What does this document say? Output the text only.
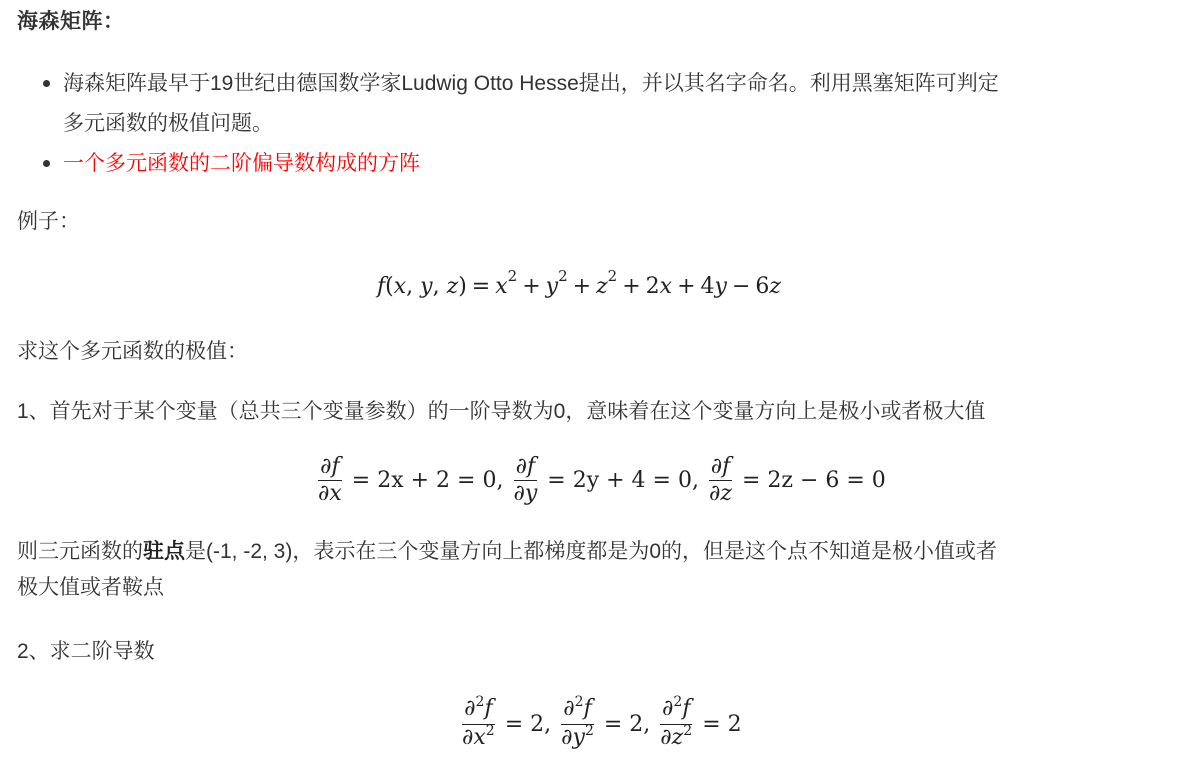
海森矩阵：
海森矩阵最早于19世纪由德国数学家Ludwig Otto Hesse提出，并以其名字命名。利用黑塞矩阵可判定
多元函数的极值问题。
一个多元函数的二阶偏导数构成的方阵
例子：
f ( x , y , z ) = x 2 + y 2 + z 2 + 2 x + 4 y − 6 z
求这个多元函数的极值：
1、首先对于某个变量（总共三个变量参数）的一阶导数为0，意味着在这个变量方向上是极小或者极大值
$\frac{\partial f}{\partial x} = 2x + 2 = 0$, $\frac{\partial f}{\partial y} = 2y + 4 = 0$, $\frac{\partial f}{\partial z} = 2z - 6 = 0$
则三元函数的驻点是(-1, -2, 3)，表示在三个变量方向上都梯度都是为0的，但是这个点不知道是极小值或者
极大值或者鞍点
2、求二阶导数
$\frac{\partial^2f}{\partial x^2} = 2$, $\frac{\partial^2f}{\partial y^2} = 2$, $\frac{\partial^2f}{\partial z^2} = 2$
